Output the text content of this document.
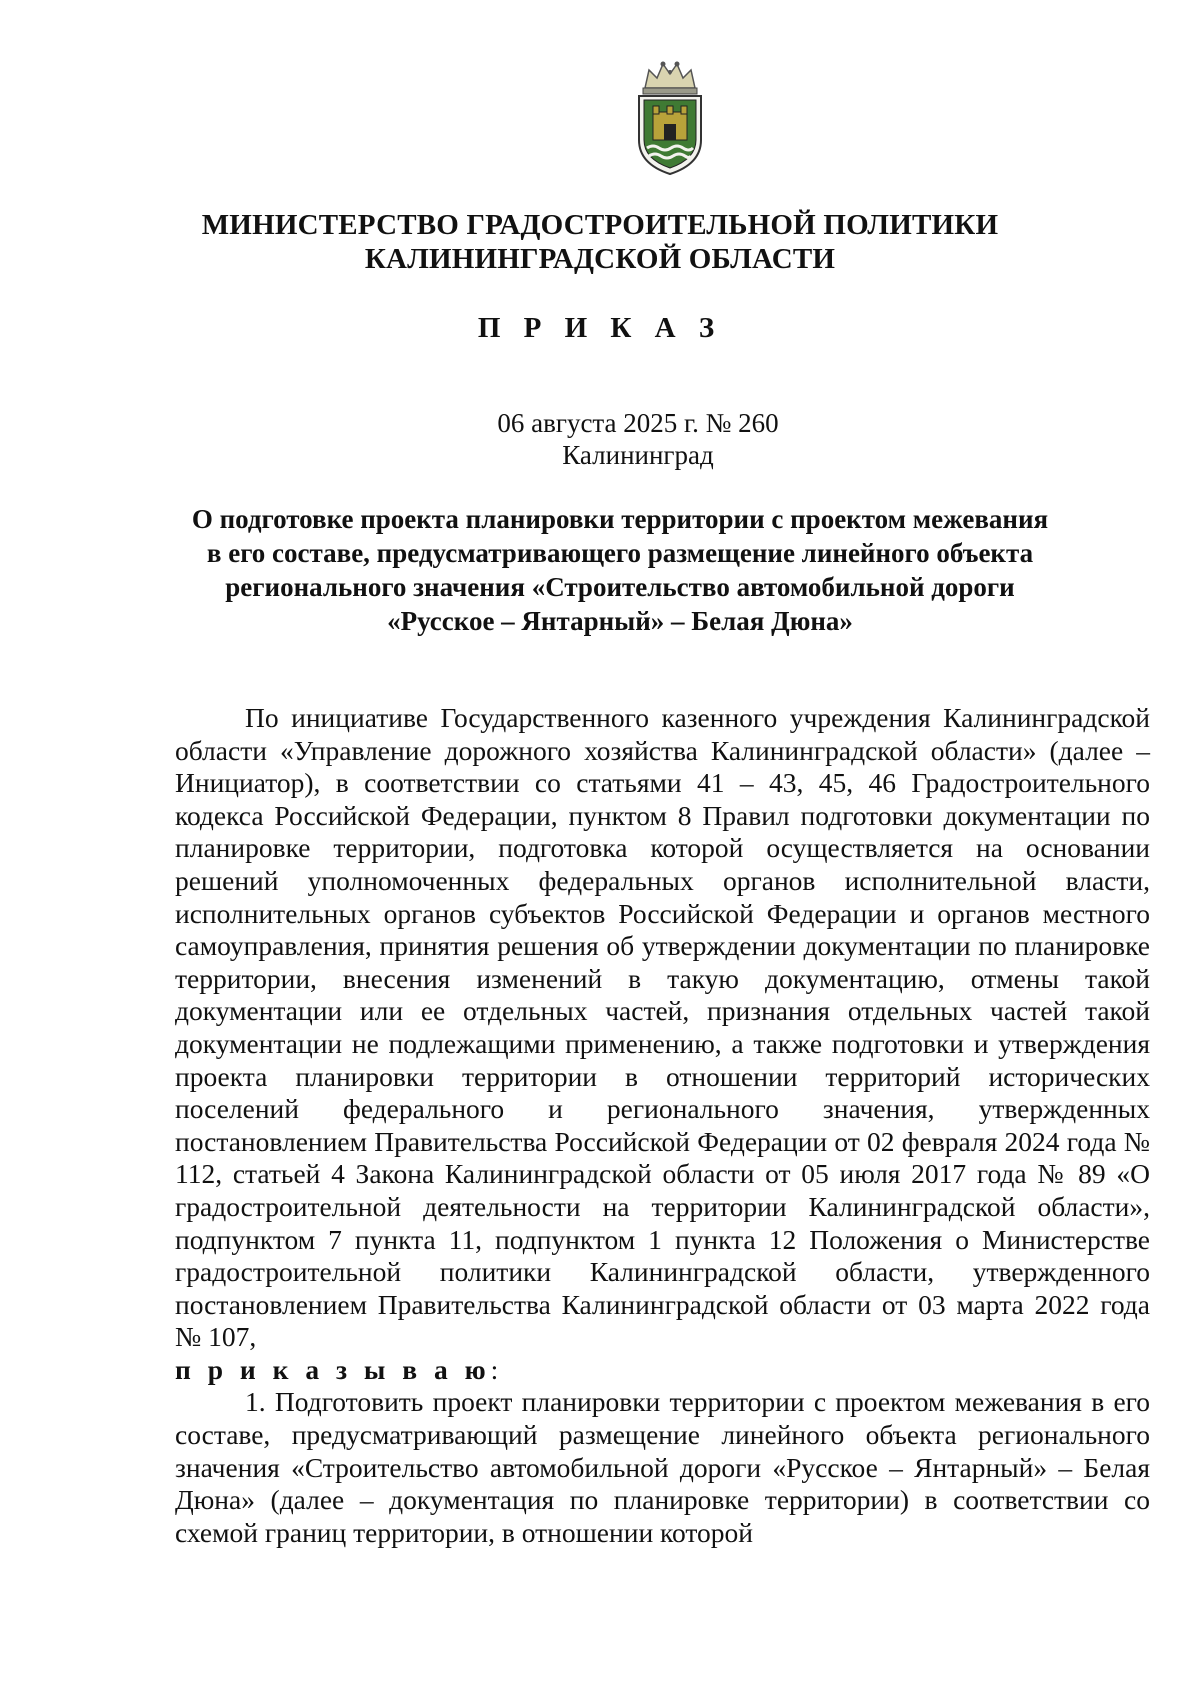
МИНИСТЕРСТВО ГРАДОСТРОИТЕЛЬНОЙ ПОЛИТИКИ
КАЛИНИНГРАДСКОЙ ОБЛАСТИ
П Р И К А З
06 августа 2025 г. № 260
Калининград
О подготовке проекта планировки территории с проектом межевания
в его составе, предусматривающего размещение линейного объекта
регионального значения «Строительство автомобильной дороги
«Русское – Янтарный» – Белая Дюна»

По инициативе Государственного казенного учреждения Калининградской области «Управление дорожного хозяйства Калининградской области» (далее – Инициатор), в соответствии со статьями 41 – 43, 45, 46 Градостроительного кодекса Российской Федерации, пунктом 8 Правил подготовки документации по планировке территории, подготовка которой осуществляется на основании решений уполномоченных федеральных органов исполнительной власти, исполнительных органов субъектов Российской Федерации и органов местного самоуправления, принятия решения об утверждении документации по планировке территории, внесения изменений в такую документацию, отмены такой документации или ее отдельных частей, признания отдельных частей такой документации не подлежащими применению, а также подготовки и утверждения проекта планировки территории в отношении территорий исторических поселений федерального и регионального значения, утвержденных постановлением Правительства Российской Федерации от 02 февраля 2024 года № 112, статьей 4 Закона Калининградской области от 05 июля 2017 года № 89 «О градостроительной деятельности на территории Калининградской области», подпунктом 7 пункта 11, подпунктом 1 пункта 12 Положения о Министерстве градостроительной политики Калининградской области, утвержденного постановлением Правительства Калининградской области от 03 марта 2022 года № 107,
п р и к а з ы в а ю:

1. Подготовить проект планировки территории с проектом межевания в его составе, предусматривающий размещение линейного объекта регионального значения «Строительство автомобильной дороги «Русское – Янтарный» – Белая Дюна» (далее – документация по планировке территории) в соответствии со схемой границ территории, в отношении которой
